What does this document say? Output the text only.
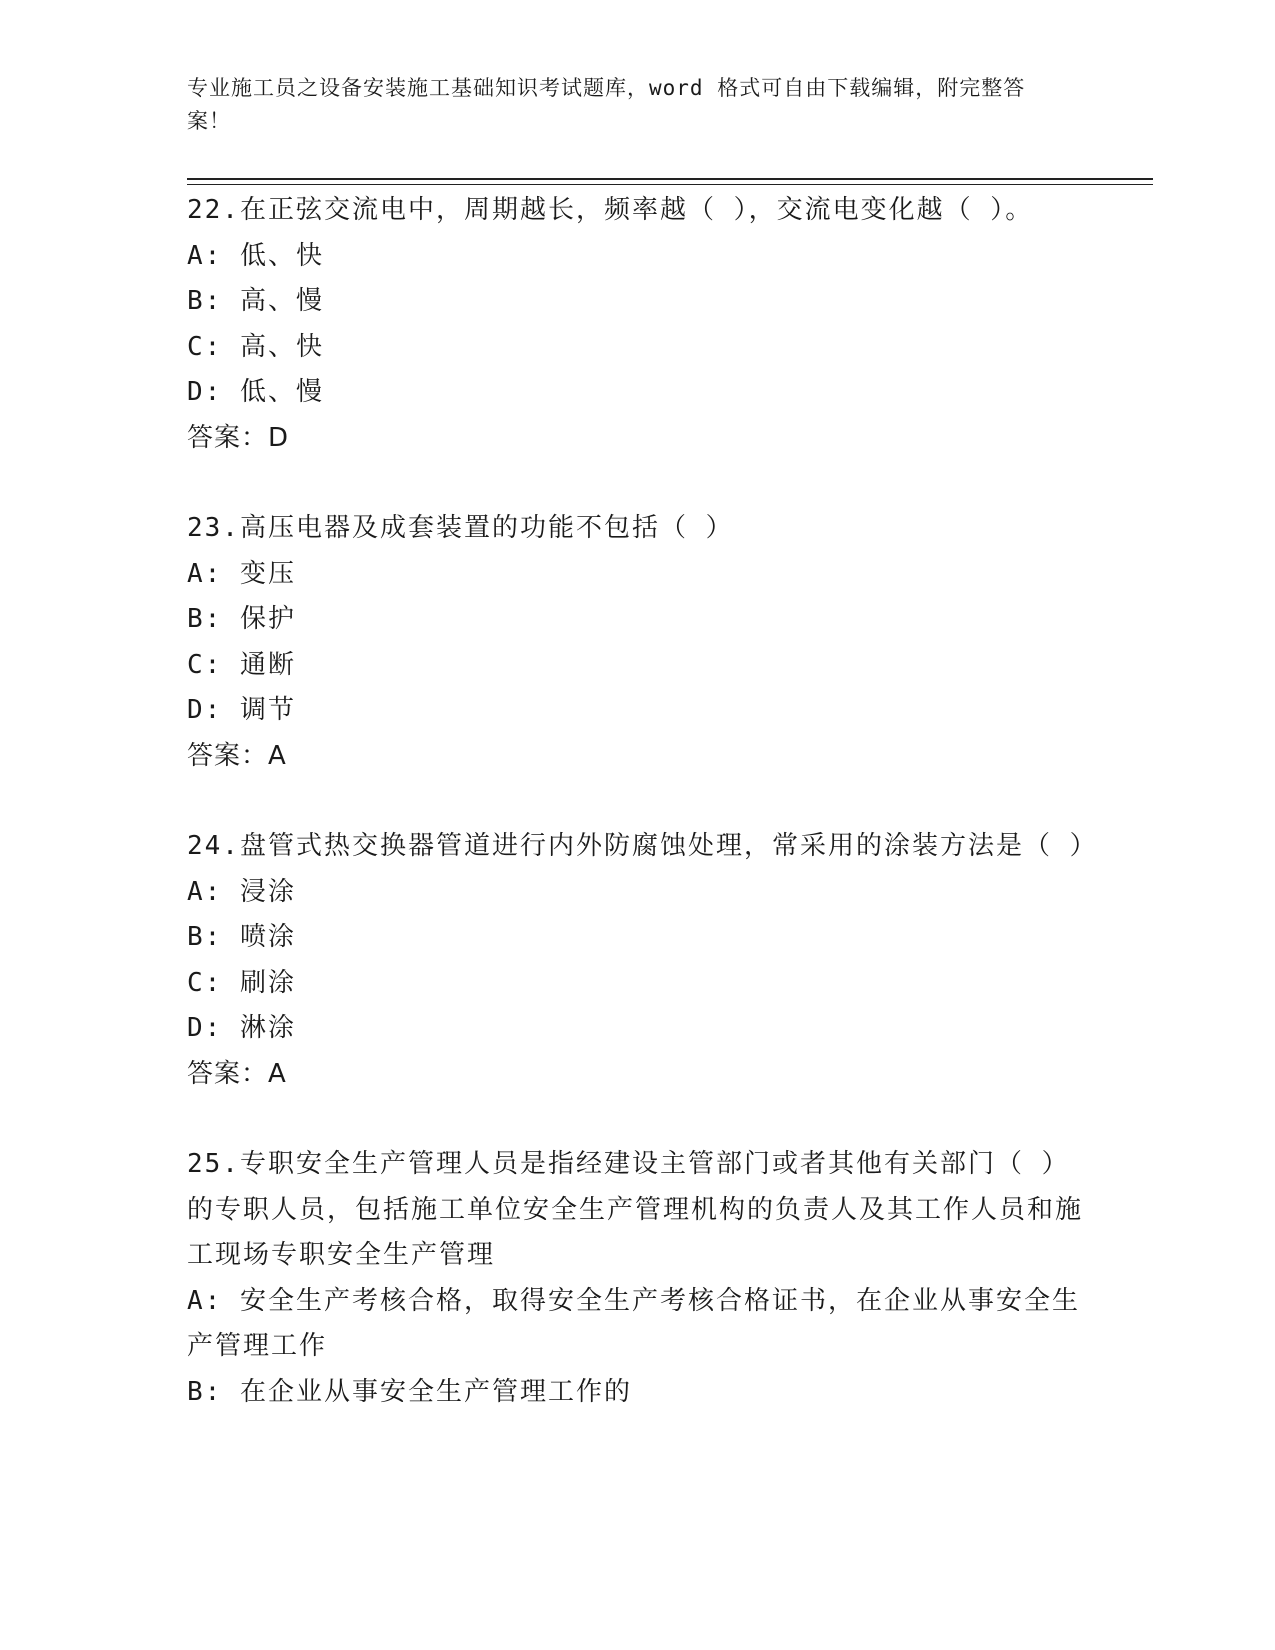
专业施工员之设备安装施工基础知识考试题库，word 格式可自由下载编辑，附完整答案！
22.在正弦交流电中，周期越长，频率越（ ），交流电变化越（ ）。
A: 低、快
B: 高、慢
C: 高、快
D: 低、慢
答案：D
23.高压电器及成套装置的功能不包括（ ）
A: 变压
B: 保护
C: 通断
D: 调节
答案：A
24.盘管式热交换器管道进行内外防腐蚀处理，常采用的涂装方法是（ ）
A: 浸涂
B: 喷涂
C: 刷涂
D: 淋涂
答案：A
25.专职安全生产管理人员是指经建设主管部门或者其他有关部门（ ）的专职人员，包括施工单位安全生产管理机构的负责人及其工作人员和施工现场专职安全生产管理
A: 安全生产考核合格，取得安全生产考核合格证书，在企业从事安全生产管理工作
B: 在企业从事安全生产管理工作的
